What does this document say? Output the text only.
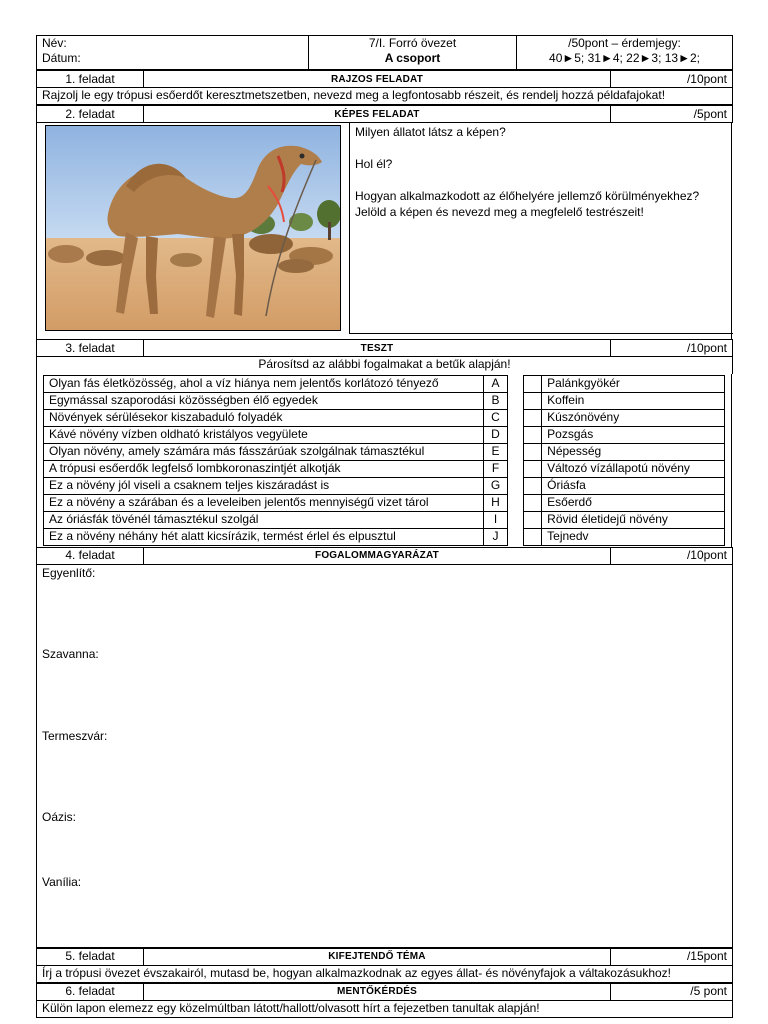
Név:
Dátum:

7/I. Forró övezet
A csoport

/50pont – érdemjegy:
40►5; 31►4; 22►3; 13►2;
1. feladat	RAJZOS FELADAT	/10pont
Rajzolj le egy trópusi esőerdőt keresztmetszetben, nevezd meg a legfontosabb részeit, és rendelj hozzá példafajokat!
2. feladat	KÉPES FELADAT	/5pont
Milyen állatot látsz a képen?
Hol él?
Hogyan alkalmazkodott az élőhelyére jellemző körülményekhez? Jelöld a képen és nevezd meg a megfelelő testrészeit!
3. feladat	TESZT	/10pont
Párosítsd az alábbi fogalmakat a betűk alapján!
Olyan fás életközösség, ahol a víz hiánya nem jelentős korlátozó tényező	A			Palánkgyökér
Egymással szaporodási közösségben élő egyedek	B			Koffein
Növények sérülésekor kiszabaduló folyadék	C			Kúszónövény
Kávé növény vízben oldható kristályos vegyülete	D			Pozsgás
Olyan növény, amely számára más fásszárúak szolgálnak támasztékul	E			Népesség
A trópusi esőerdők legfelső lombkoronaszintjét alkotják	F			Változó vízállapotú növény
Ez a növény jól viseli a csaknem teljes kiszáradást is	G			Óriásfa
Ez a növény a szárában és a leveleiben jelentős mennyiségű vizet tárol	H			Esőerdő
Az óriásfák tövénél támasztékul szolgál	I			Rövid életidejű növény
Ez a növény néhány hét alatt kicsírázik, termést érlel és elpusztul	J			Tejnedv
4. feladat	FOGALOMMAGYARÁZAT	/10pont

Egyenlítő:
Szavanna:
Termeszvár:
Oázis:
Vanília:
5. feladat	KIFEJTENDŐ TÉMA	/15pont
Írj a trópusi övezet évszakairól, mutasd be, hogyan alkalmazkodnak az egyes állat- és növényfajok a váltakozásukhoz!
6. feladat	MENTŐKÉRDÉS	/5 pont
Külön lapon elemezz egy közelmúltban látott/hallott/olvasott hírt a fejezetben tanultak alapján!
